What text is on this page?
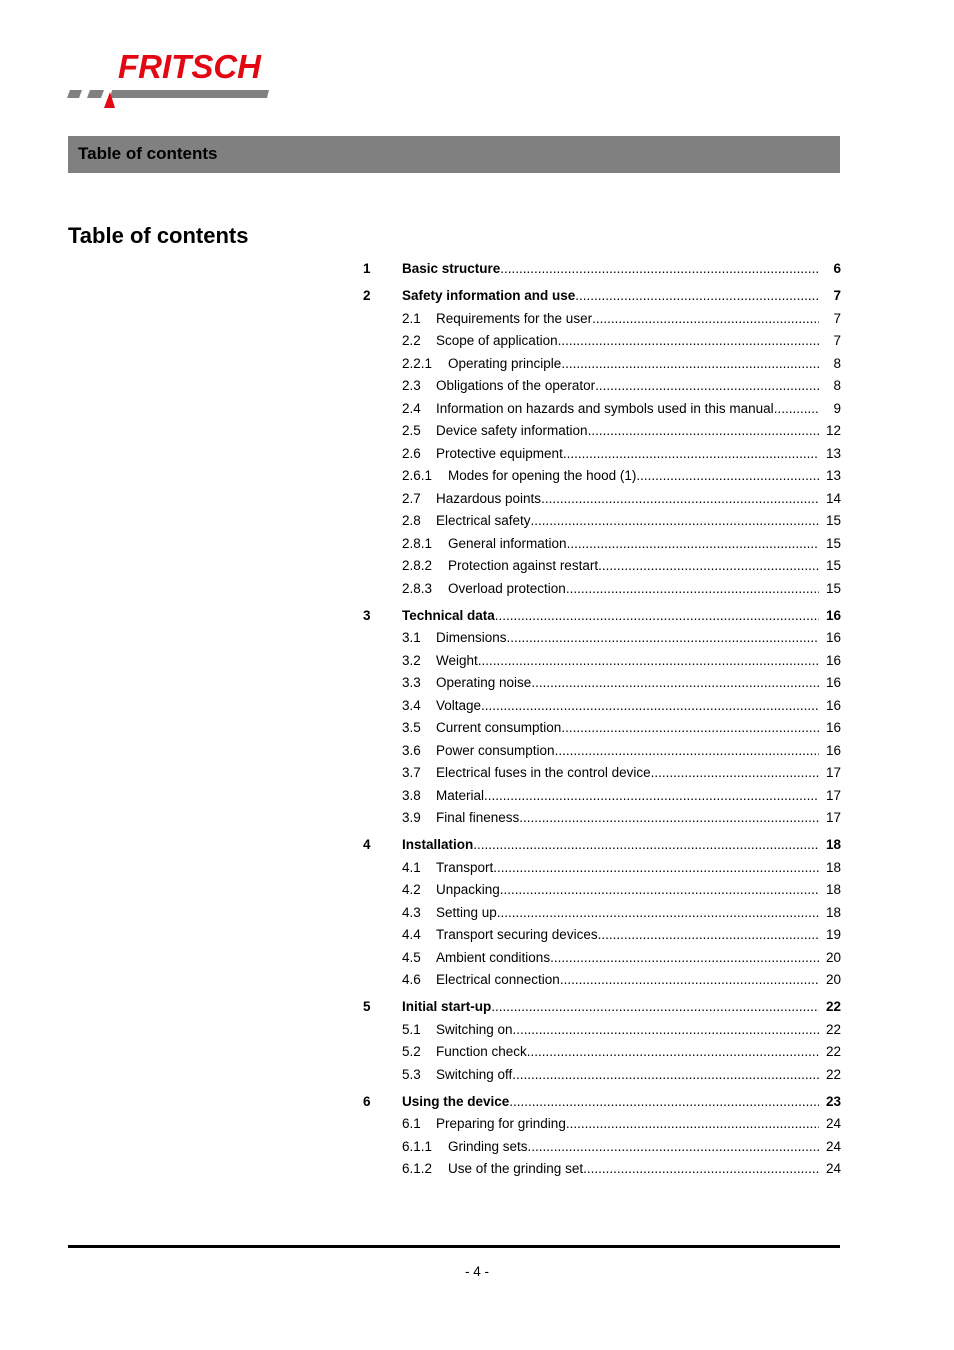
FRITSCH
Table of contents
Table of contents
1 Basic structure .....	6
2 Safety information and use .....	7
2.1 Requirements for the user .....	7
2.2 Scope of application .....	7
2.2.1 Operating principle .....	8
2.3 Obligations of the operator .....	8
2.4 Information on hazards and symbols used in this manual .....	9
2.5 Device safety information .....	12
2.6 Protective equipment .....	13
2.6.1 Modes for opening the hood (1) .....	13
2.7 Hazardous points .....	14
2.8 Electrical safety .....	15
2.8.1 General information .....	15
2.8.2 Protection against restart .....	15
2.8.3 Overload protection .....	15
3 Technical data .....	16
3.1 Dimensions .....	16
3.2 Weight .....	16
3.3 Operating noise .....	16
3.4 Voltage .....	16
3.5 Current consumption .....	16
3.6 Power consumption .....	16
3.7 Electrical fuses in the control device .....	17
3.8 Material .....	17
3.9 Final fineness .....	17
4 Installation .....	18
4.1 Transport .....	18
4.2 Unpacking .....	18
4.3 Setting up .....	18
4.4 Transport securing devices .....	19
4.5 Ambient conditions .....	20
4.6 Electrical connection .....	20
5 Initial start-up .....	22
5.1 Switching on .....	22
5.2 Function check .....	22
5.3 Switching off .....	22
6 Using the device .....	23
6.1 Preparing for grinding .....	24
6.1.1 Grinding sets .....	24
6.1.2 Use of the grinding set .....	24
- 4 -
